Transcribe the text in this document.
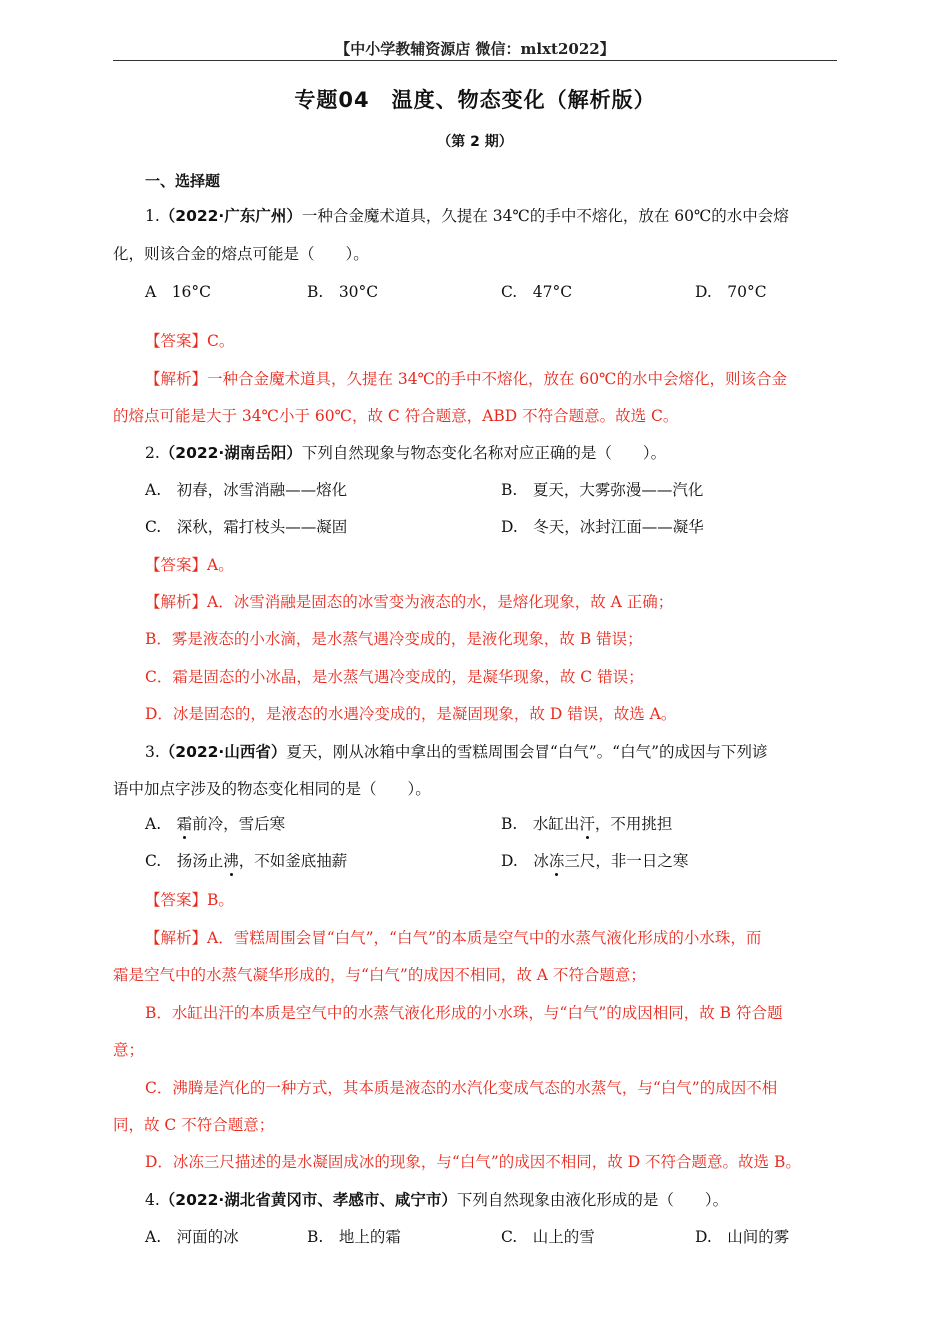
【中小学教辅资源店 微信：mlxt2022】
专题04　温度、物态变化（解析版）
（第 2 期）
一、选择题
1.（2022·广东广州）一种合金魔术道具，久提在 34℃的手中不熔化，放在 60℃的水中会熔
化，则该合金的熔点可能是（　　）。
A　16°C	B.　30°C	C.　47°C	D.　70°C
【答案】C。
【解析】一种合金魔术道具，久提在 34℃的手中不熔化，放在 60℃的水中会熔化，则该合金
的熔点可能是大于 34℃小于 60℃，故 C 符合题意，ABD 不符合题意。故选 C。
2.（2022·湖南岳阳）下列自然现象与物态变化名称对应正确的是（　　）。
A.　初春，冰雪消融——熔化	B.　夏天，大雾弥漫——汽化
C.　深秋，霜打枝头——凝固	D.　冬天，冰封江面——凝华
【答案】A。
【解析】A．冰雪消融是固态的冰雪变为液态的水，是熔化现象，故 A 正确；
B．雾是液态的小水滴，是水蒸气遇冷变成的，是液化现象，故 B 错误；
C．霜是固态的小冰晶，是水蒸气遇冷变成的，是凝华现象，故 C 错误；
D．冰是固态的，是液态的水遇冷变成的，是凝固现象，故 D 错误，故选 A。
3.（2022·山西省）夏天，刚从冰箱中拿出的雪糕周围会冒“白气”。“白气”的成因与下列谚
语中加点字涉及的物态变化相同的是（　　）。
A.　 霜前冷，雪后寒	B.　 水缸出汗，不用挑担
C.　 扬汤止沸，不如釜底抽薪	D.　 冰冻三尺，非一日之寒
【答案】B。
【解析】A．雪糕周围会冒“白气”，“白气”的本质是空气中的水蒸气液化形成的小水珠，而
霜是空气中的水蒸气凝华形成的，与“白气”的成因不相同，故 A 不符合题意；
B．水缸出汗的本质是空气中的水蒸气液化形成的小水珠，与“白气”的成因相同，故 B 符合题
意；
C．沸腾是汽化的一种方式，其本质是液态的水汽化变成气态的水蒸气，与“白气”的成因不相
同，故 C 不符合题意；
D．冰冻三尺描述的是水凝固成冰的现象，与“白气”的成因不相同，故 D 不符合题意。故选 B。
4.（2022·湖北省黄冈市、孝感市、咸宁市）下列自然现象由液化形成的是（　　）。
A.　河面的冰	B.　地上的霜	C.　山上的雪	D.　山间的雾
